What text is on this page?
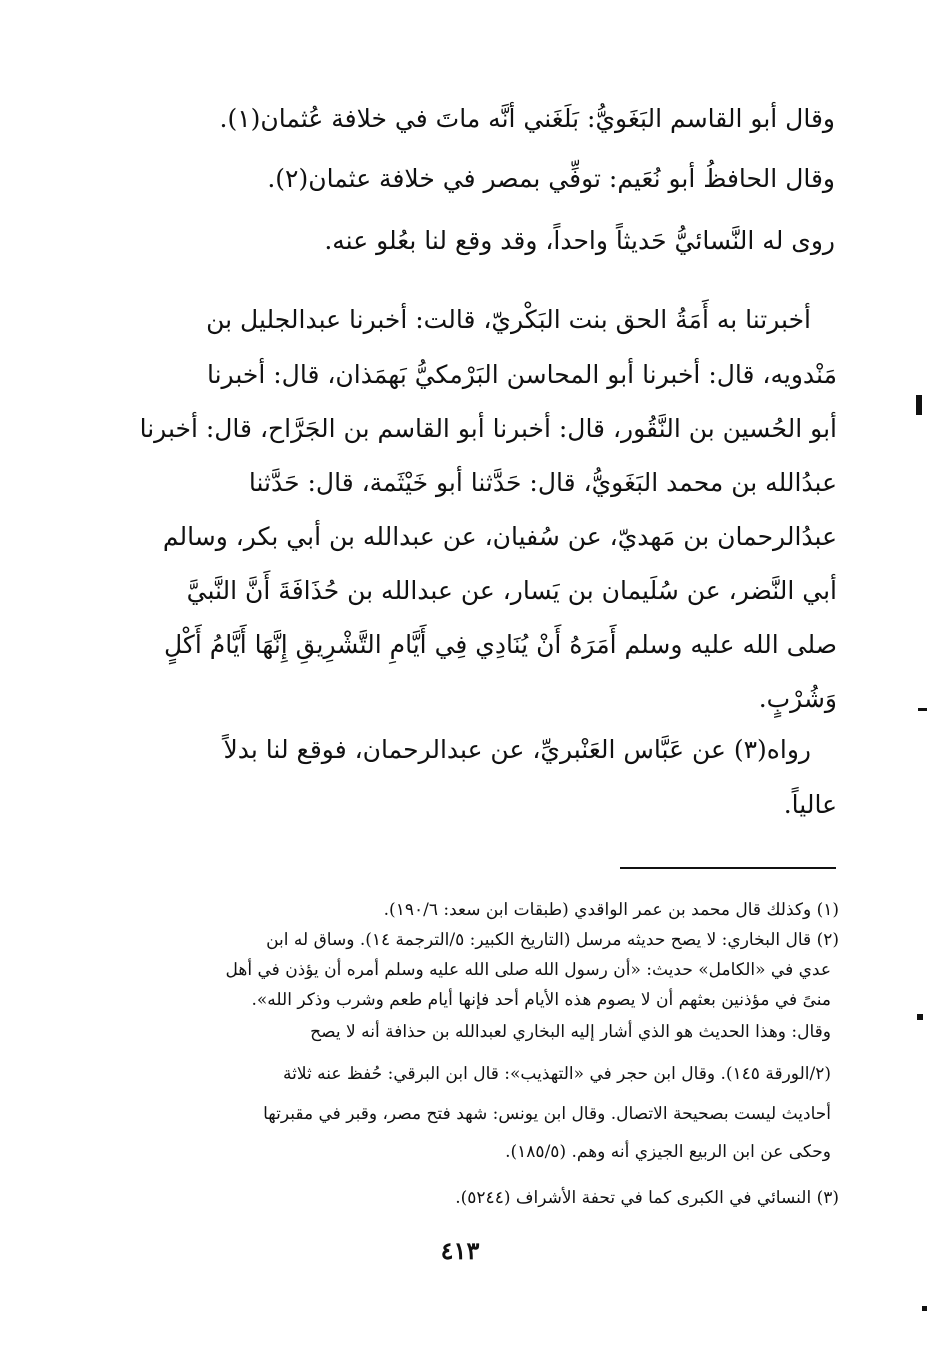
وقال أبو القاسم البَغَويُّ: بَلَغَني أنَّه ماتَ في خلافة عُثمان(١).
وقال الحافظُ أبو نُعَيم: توفِّي بمصر في خلافة عثمان(٢).
روى له النَّسائيُّ حَديثاً واحداً، وقد وقع لنا بعُلو عنه.
أخبرتنا به أَمَةُ الحق بنت البَكْريّ، قالت: أخبرنا عبدالجليل بن
مَنْدويه، قال: أخبرنا أبو المحاسن البَرْمكيُّ بَهمَذان، قال: أخبرنا
أبو الحُسين بن النَّقُور، قال: أخبرنا أبو القاسم بن الجَرَّاح، قال: أخبرنا
عبدُالله بن محمد البَغَويُّ، قال: حَدَّثنا أبو خَيْثَمة، قال: حَدَّثنا
عبدُالرحمان بن مَهديّ، عن سُفيان، عن عبدالله بن أبي بكر، وسالم
أبي النَّضر، عن سُلَيمان بن يَسار، عن عبدالله بن حُذَافَةَ أَنَّ النَّبيَّ
صلى الله عليه وسلم أَمَرَهُ أَنْ يُنَادِي فِي أَيَّامِ التَّشْرِيقِ إِنَّهَا أَيَّامُ أَكْلٍ
وَشُرْبٍ.
رواه(٣) عن عَبَّاس العَنْبريِّ، عن عبدالرحمان، فوقع لنا بدلاً
عالياً.
(١) وكذلك قال محمد بن عمر الواقدي (طبقات ابن سعد: ١٩٠/٦).
(٢) قال البخاري: لا يصح حديثه مرسل (التاريخ الكبير: ٥/الترجمة ١٤). وساق له ابن
عدي في «الكامل» حديث: «أن رسول الله صلى الله عليه وسلم أمره أن يؤذن في أهل
منىً في مؤذنين بعثهم أن لا يصوم هذه الأيام أحد فإنها أيام طعم وشرب وذكر الله».
وقال: وهذا الحديث هو الذي أشار إليه البخاري لعبدالله بن حذافة أنه لا يصح
(٢/الورقة ١٤٥). وقال ابن حجر في «التهذيب»: قال ابن البرقي: حُفظ عنه ثلاثة
أحاديث ليست بصحيحة الاتصال. وقال ابن يونس: شهد فتح مصر، وقبر في مقبرتها
وحكى عن ابن الربيع الجيزي أنه وهم. (١٨٥/٥).
(٣) النسائي في الكبرى كما في تحفة الأشراف (٥٢٤٤).
٤١٣
